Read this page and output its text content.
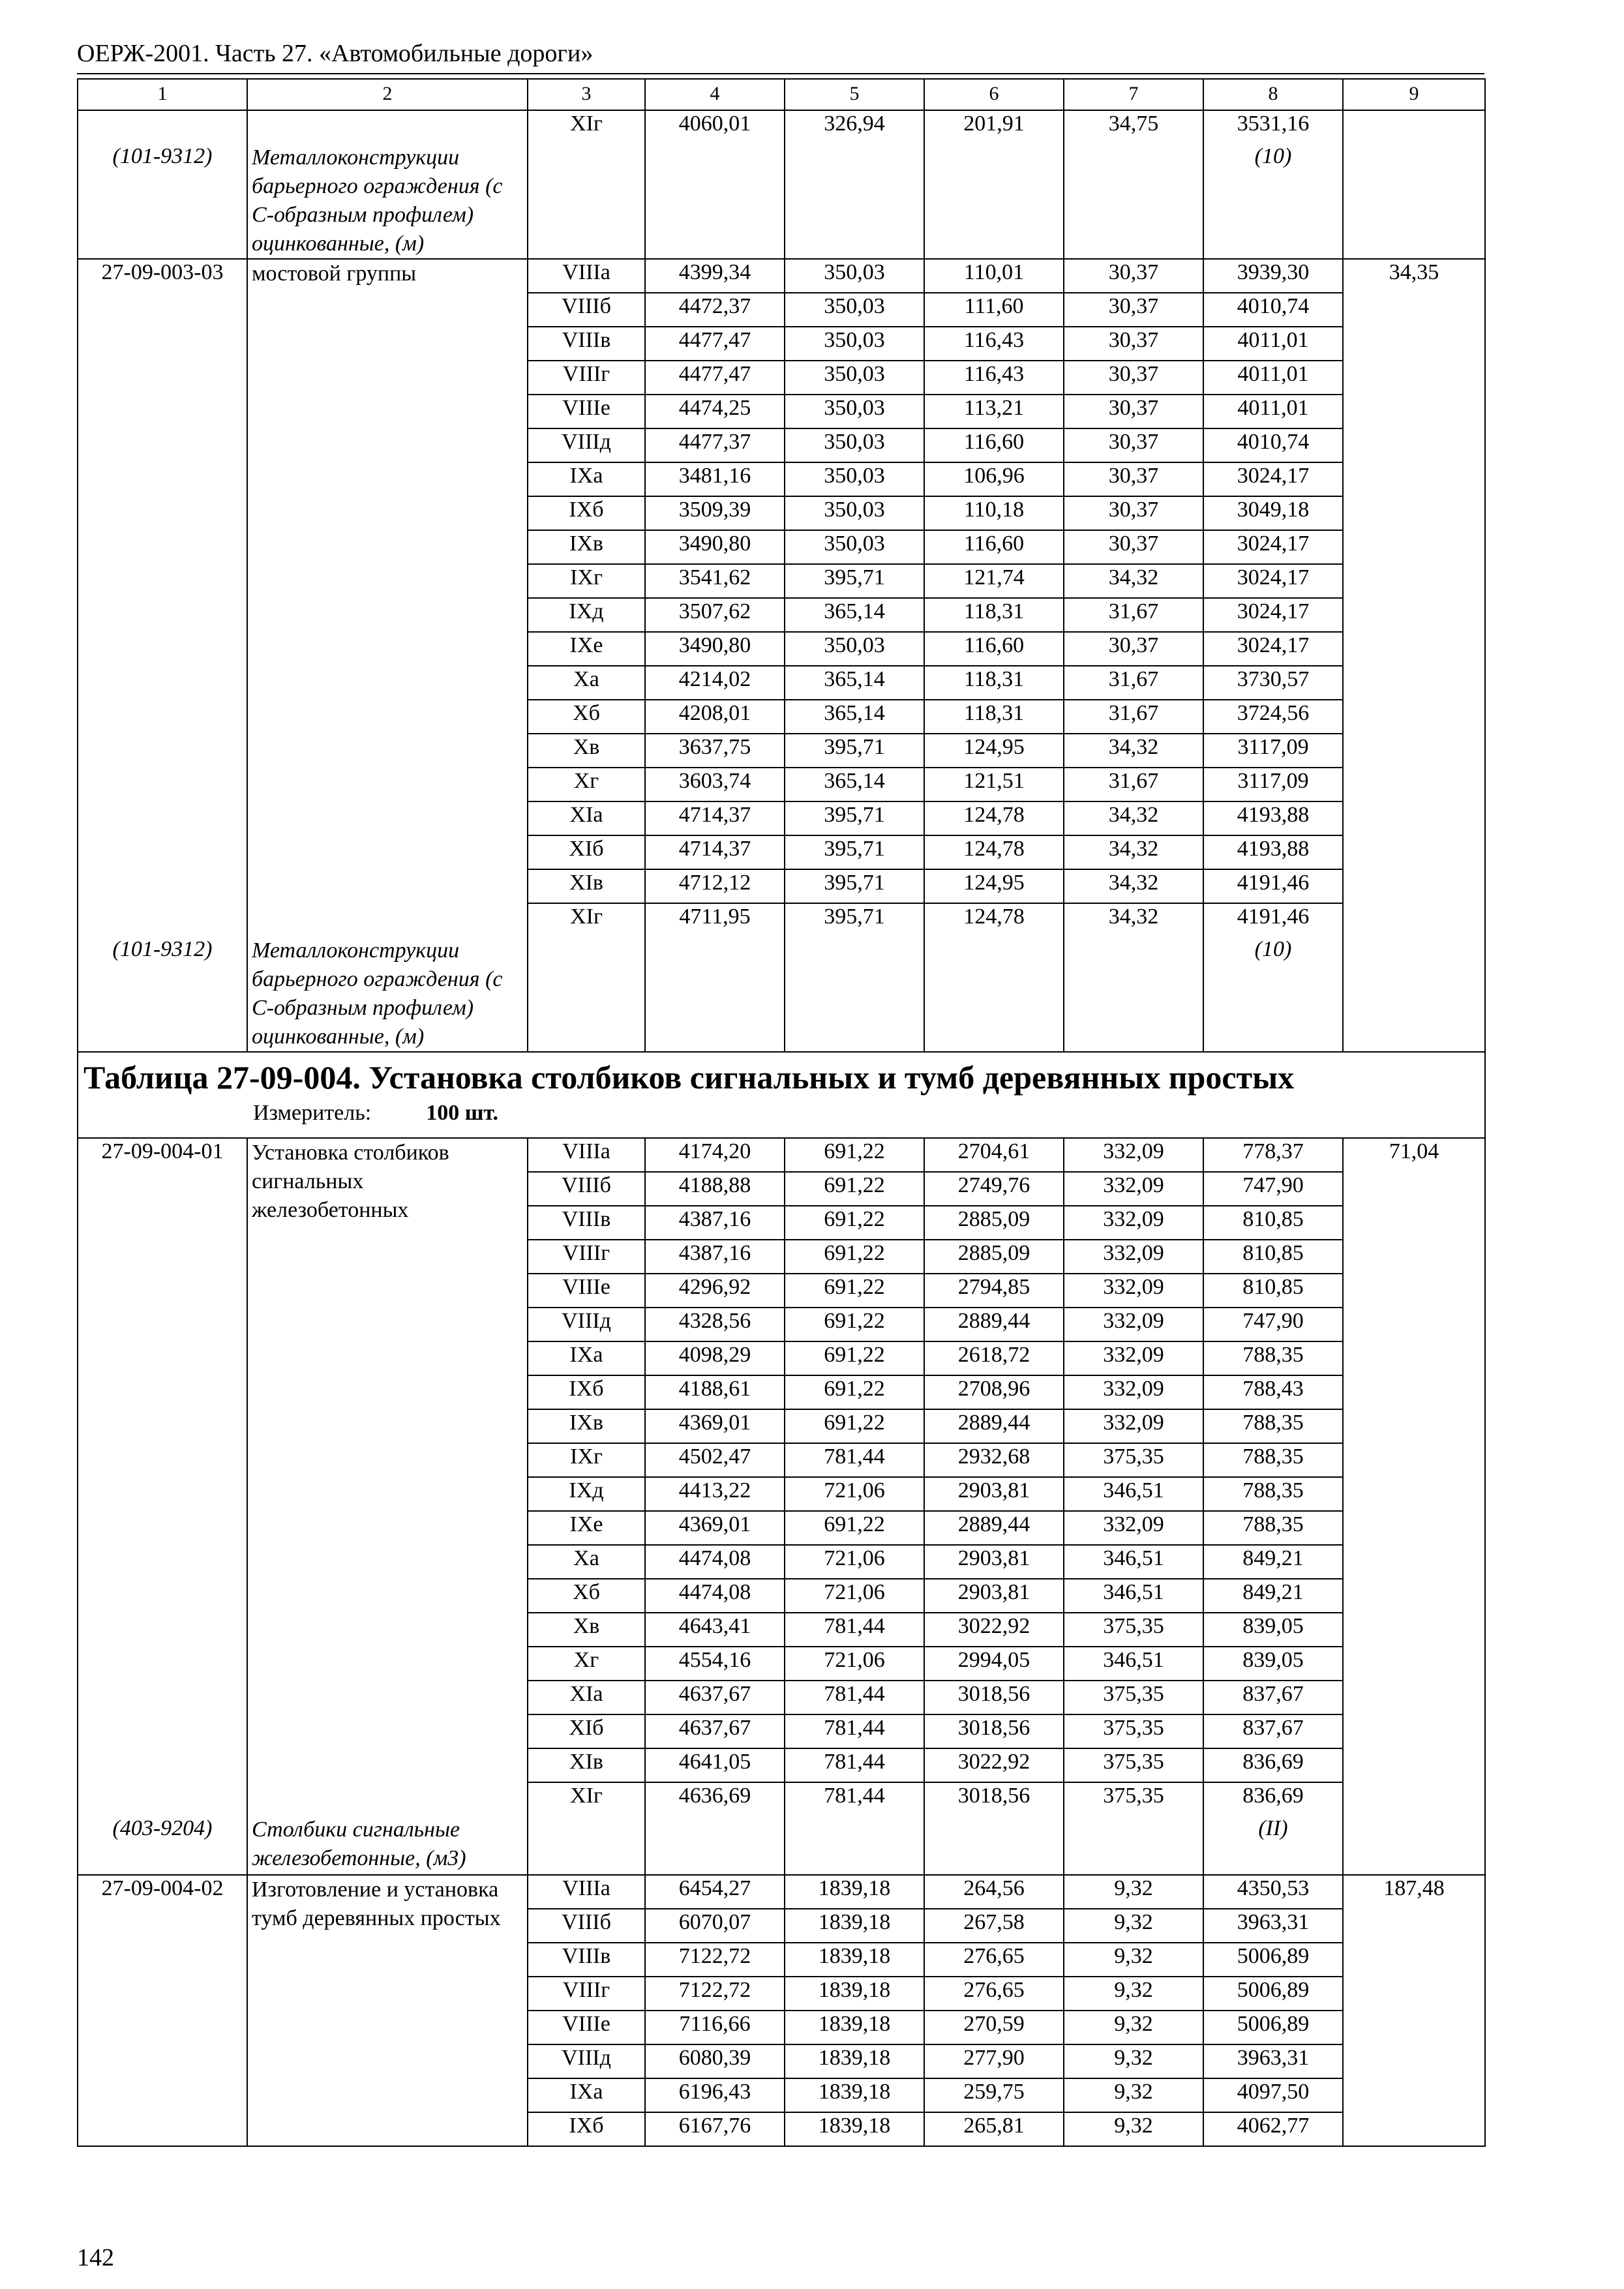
ОЕРЖ-2001. Часть 27. «Автомобильные дороги»
1	2	3	4	5	6	7	8	9
		XIг	4060,01	326,94	201,91	34,75	3531,16	
(101-9312)	Металлоконструкции барьерного ограждения (с С-образным профилем) оцинкованные, (м)						(10)	
27-09-003-03	мостовой группы	VIIIа	4399,34	350,03	110,01	30,37	3939,30	34,35
		VIIIб	4472,37	350,03	111,60	30,37	4010,74	
		VIIIв	4477,47	350,03	116,43	30,37	4011,01	
		VIIIг	4477,47	350,03	116,43	30,37	4011,01	
		VIIIе	4474,25	350,03	113,21	30,37	4011,01	
		VIIIд	4477,37	350,03	116,60	30,37	4010,74	
		IXа	3481,16	350,03	106,96	30,37	3024,17	
		IXб	3509,39	350,03	110,18	30,37	3049,18	
		IXв	3490,80	350,03	116,60	30,37	3024,17	
		IXг	3541,62	395,71	121,74	34,32	3024,17	
		IXд	3507,62	365,14	118,31	31,67	3024,17	
		IXе	3490,80	350,03	116,60	30,37	3024,17	
		Xа	4214,02	365,14	118,31	31,67	3730,57	
		Xб	4208,01	365,14	118,31	31,67	3724,56	
		Xв	3637,75	395,71	124,95	34,32	3117,09	
		Xг	3603,74	365,14	121,51	31,67	3117,09	
		XIа	4714,37	395,71	124,78	34,32	4193,88	
		XIб	4714,37	395,71	124,78	34,32	4193,88	
		XIв	4712,12	395,71	124,95	34,32	4191,46	
		XIг	4711,95	395,71	124,78	34,32	4191,46	
(101-9312)	Металлоконструкции барьерного ограждения (с С-образным профилем) оцинкованные, (м)						(10)	

Таблица 27-09-004. Установка столбиков сигнальных и тумб деревянных простых
Измеритель: 100 шт.								

27-09-004-01	Установка столбиков сигнальных железобетонных	VIIIа	4174,20	691,22	2704,61	332,09	778,37	71,04
		VIIIб	4188,88	691,22	2749,76	332,09	747,90	
		VIIIв	4387,16	691,22	2885,09	332,09	810,85	
		VIIIг	4387,16	691,22	2885,09	332,09	810,85	
		VIIIе	4296,92	691,22	2794,85	332,09	810,85	
		VIIIд	4328,56	691,22	2889,44	332,09	747,90	
		IXа	4098,29	691,22	2618,72	332,09	788,35	
		IXб	4188,61	691,22	2708,96	332,09	788,43	
		IXв	4369,01	691,22	2889,44	332,09	788,35	
		IXг	4502,47	781,44	2932,68	375,35	788,35	
		IXд	4413,22	721,06	2903,81	346,51	788,35	
		IXе	4369,01	691,22	2889,44	332,09	788,35	
		Xа	4474,08	721,06	2903,81	346,51	849,21	
		Xб	4474,08	721,06	2903,81	346,51	849,21	
		Xв	4643,41	781,44	3022,92	375,35	839,05	
		Xг	4554,16	721,06	2994,05	346,51	839,05	
		XIа	4637,67	781,44	3018,56	375,35	837,67	
		XIб	4637,67	781,44	3018,56	375,35	837,67	
		XIв	4641,05	781,44	3022,92	375,35	836,69	
		XIг	4636,69	781,44	3018,56	375,35	836,69	
(403-9204)	Столбики сигнальные железобетонные, (м3)						(II)	
27-09-004-02	Изготовление и установка тумб деревянных простых	VIIIа	6454,27	1839,18	264,56	9,32	4350,53	187,48
		VIIIб	6070,07	1839,18	267,58	9,32	3963,31	
		VIIIв	7122,72	1839,18	276,65	9,32	5006,89	
		VIIIг	7122,72	1839,18	276,65	9,32	5006,89	
		VIIIе	7116,66	1839,18	270,59	9,32	5006,89	
		VIIIд	6080,39	1839,18	277,90	9,32	3963,31	
		IXа	6196,43	1839,18	259,75	9,32	4097,50	
		IXб	6167,76	1839,18	265,81	9,32	4062,77	
142
